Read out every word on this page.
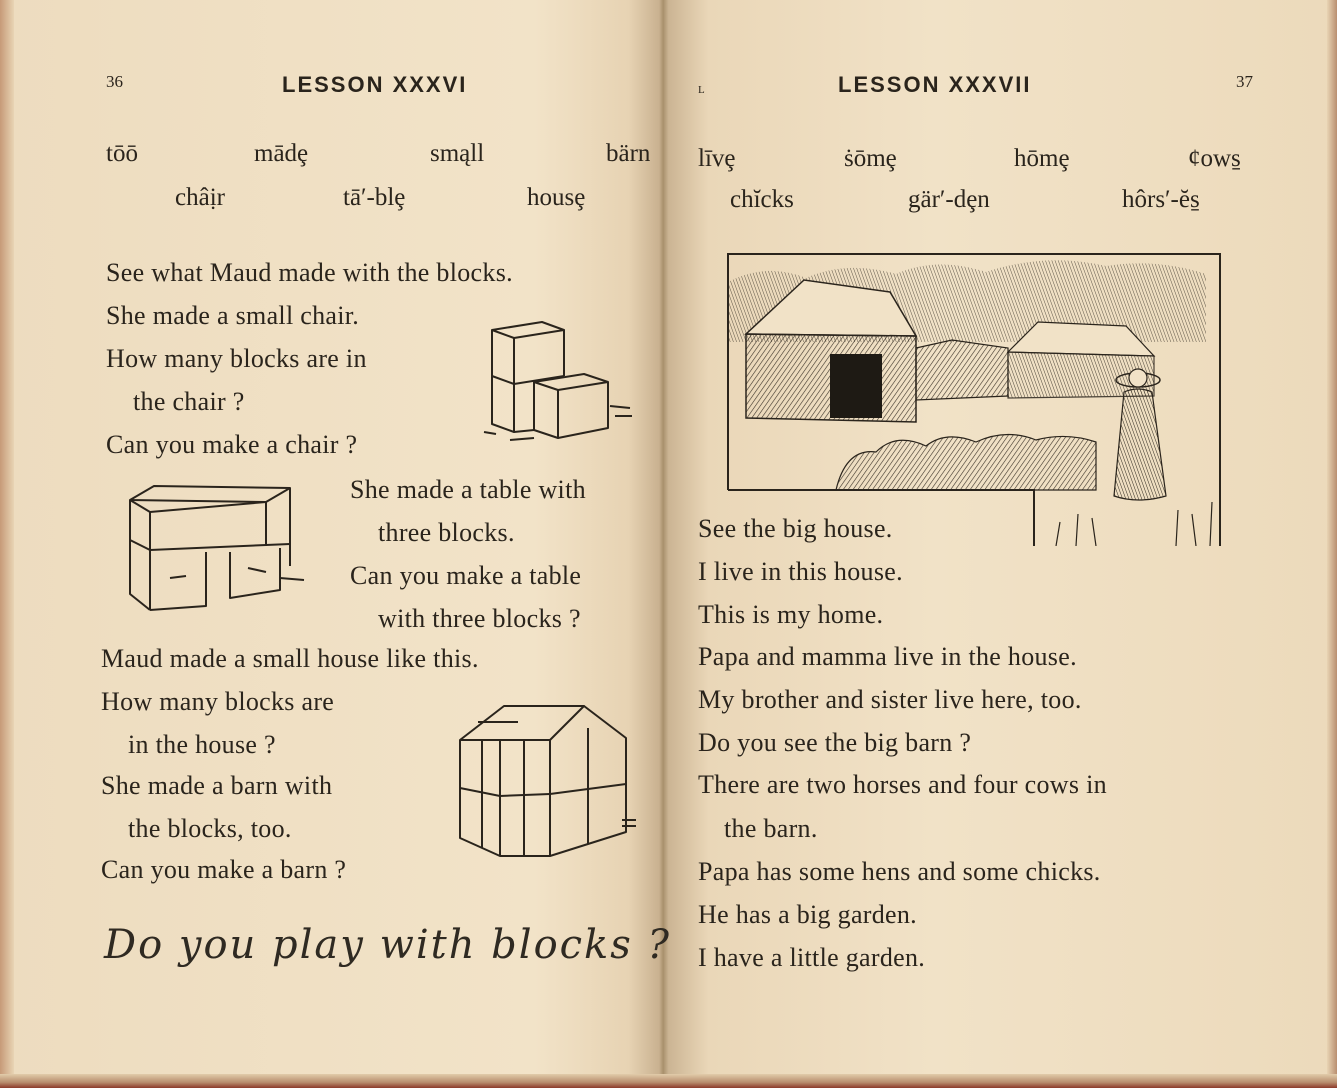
36	LESSON XXXVI
tōō	mādȩ	smąll	bärn
châịr	tā′-blȩ	housȩ
See what Maud made with the blocks.
She made a small chair.
How many blocks are in
the chair ?
Can you make a chair ?
She made a table with
three blocks.
Can you make a table
with three blocks ?
Maud made a small house like this.
How many blocks are
in the house ?
She made a barn with
the blocks, too.
Can you make a barn ?
Do you play with blocks ?
L	LESSON XXXVII	37
līvȩ	ṡōmȩ	hōmȩ	ȼows̱
chĭcks	gär′-dȩn	hôrs′-ĕs̱
See the big house.
I live in this house.
This is my home.
Papa and mamma live in the house.
My brother and sister live here, too.
Do you see the big barn ?
There are two horses and four cows in
the barn.
Papa has some hens and some chicks.
He has a big garden.
I have a little garden.
